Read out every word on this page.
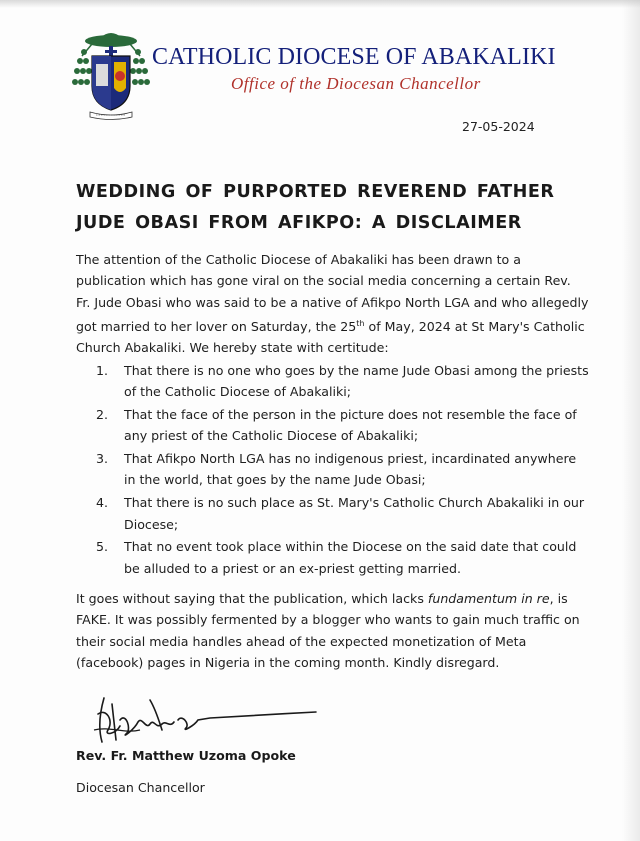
CATHOLIC DIOCESE OF ABAKALIKI
Office of the Diocesan Chancellor
27-05-2024
WEDDING OF PURPORTED REVEREND FATHER
JUDE OBASI FROM AFIKPO: A DISCLAIMER
The attention of the Catholic Diocese of Abakaliki has been drawn to a
publication which has gone viral on the social media concerning a certain Rev.
Fr. Jude Obasi who was said to be a native of Afikpo North LGA and who allegedly
got married to her lover on Saturday, the 25th of May, 2024 at St Mary's Catholic
Church Abakaliki. We hereby state with certitude:
1. That there is no one who goes by the name Jude Obasi among the priests
of the Catholic Diocese of Abakaliki;
2. That the face of the person in the picture does not resemble the face of
any priest of the Catholic Diocese of Abakaliki;
3. That Afikpo North LGA has no indigenous priest, incardinated anywhere
in the world, that goes by the name Jude Obasi;
4. That there is no such place as St. Mary's Catholic Church Abakaliki in our
Diocese;
5. That no event took place within the Diocese on the said date that could
be alluded to a priest or an ex-priest getting married.
It goes without saying that the publication, which lacks fundamentum in re, is
FAKE. It was possibly fermented by a blogger who wants to gain much traffic on
their social media handles ahead of the expected monetization of Meta
(facebook) pages in Nigeria in the coming month. Kindly disregard.
Rev. Fr. Matthew Uzoma Opoke
Diocesan Chancellor
